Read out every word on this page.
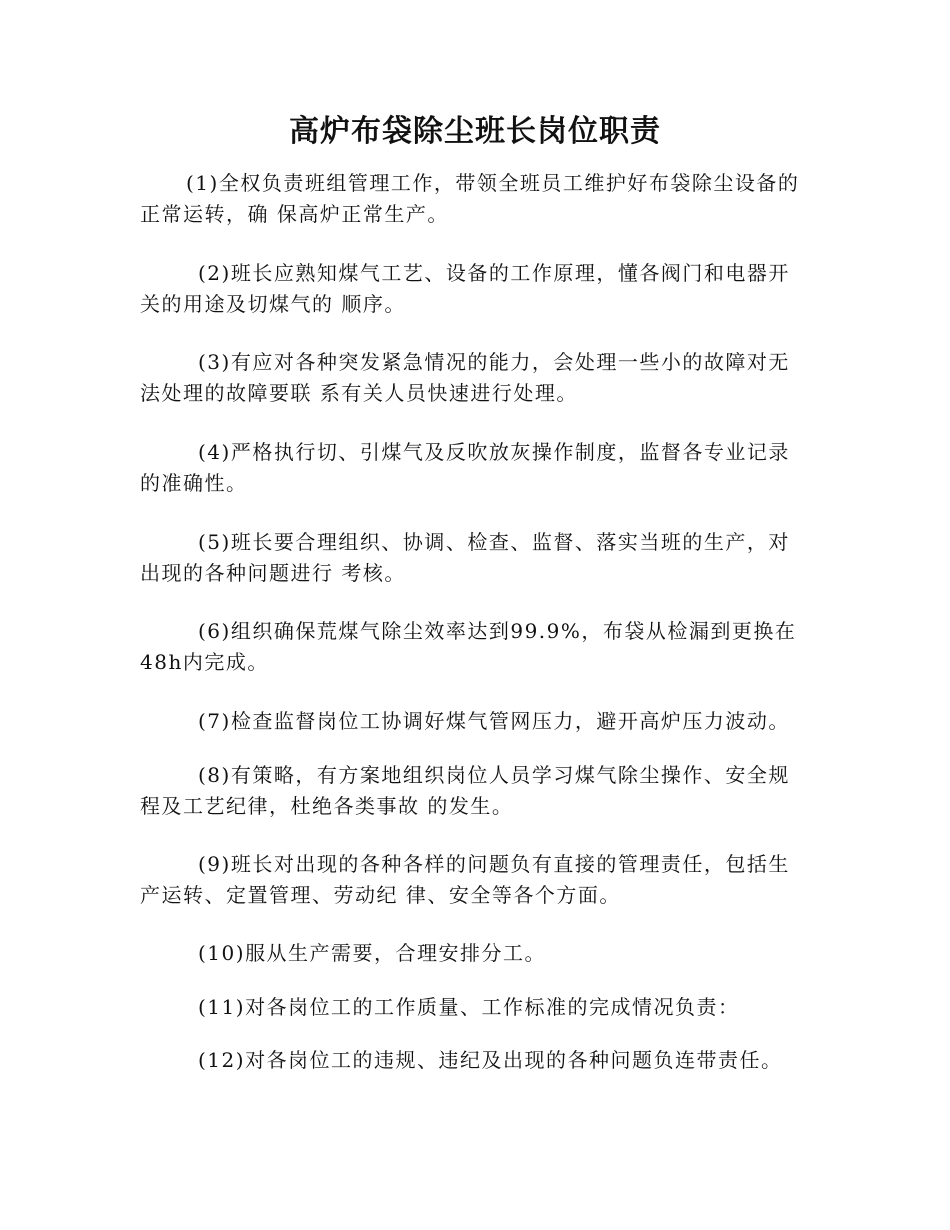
高炉布袋除尘班长岗位职责

(1)全权负责班组管理工作，带领全班员工维护好布袋除尘设备的正常运转，确 保高炉正常生产。

(2)班长应熟知煤气工艺、设备的工作原理，懂各阀门和电器开关的用途及切煤气的 顺序。

(3)有应对各种突发紧急情况的能力，会处理一些小的故障对无法处理的故障要联 系有关人员快速进行处理。

(4)严格执行切、引煤气及反吹放灰操作制度，监督各专业记录的准确性。

(5)班长要合理组织、协调、检查、监督、落实当班的生产，对出现的各种问题进行 考核。

(6)组织确保荒煤气除尘效率达到99.9%，布袋从检漏到更换在48h内完成。

(7)检查监督岗位工协调好煤气管网压力，避开高炉压力波动。

(8)有策略，有方案地组织岗位人员学习煤气除尘操作、安全规程及工艺纪律，杜绝各类事故 的发生。

(9)班长对出现的各种各样的问题负有直接的管理责任，包括生产运转、定置管理、劳动纪 律、安全等各个方面。

(10)服从生产需要，合理安排分工。

(11)对各岗位工的工作质量、工作标准的完成情况负责：

(12)对各岗位工的违规、违纪及出现的各种问题负连带责任。
